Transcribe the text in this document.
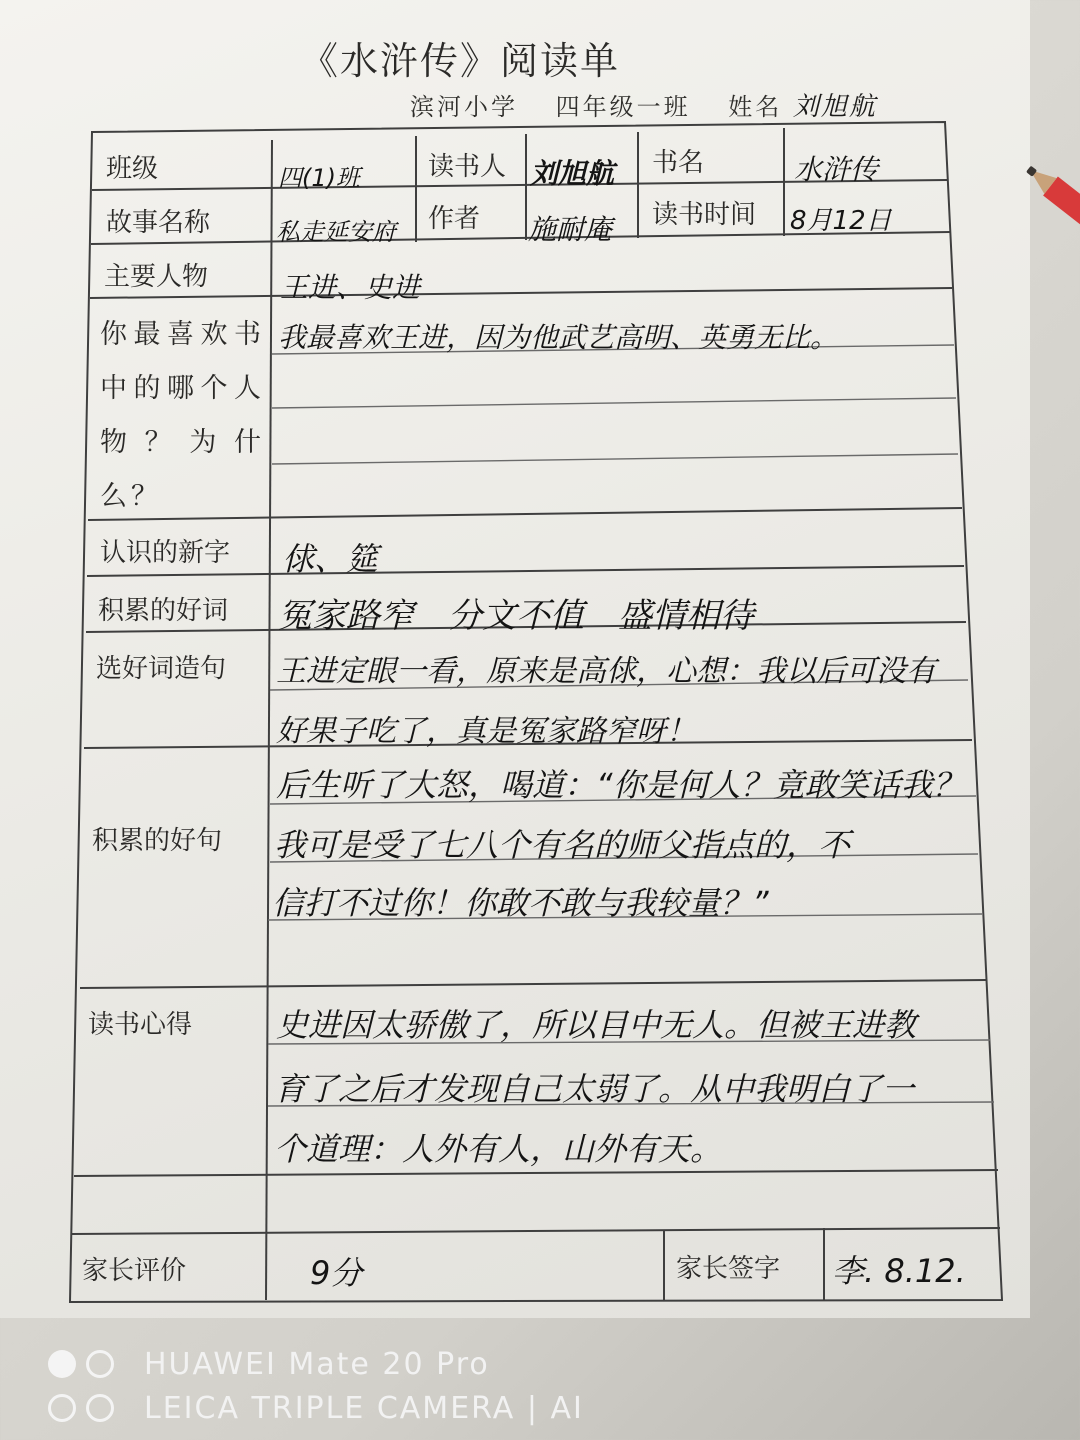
《水浒传》阅读单
滨河小学　 四年级一班　 姓名 刘旭航
班级	四(1)班	读书人 刘旭航 书名	水浒传
故事名称	私走延安府 作者 施耐庵 读书时间 8月12日
主要人物	王进、史进
你最喜欢书中的哪个人物？为什么？
我最喜欢王进，因为他武艺高明、英勇无比。
认识的新字 俅、筵
积累的好词 冤家路窄　分文不值　盛情相待
选好词造句 王进定眼一看，原来是高俅，心想：我以后可没有
好果子吃了，真是冤家路窄呀！
积累的好句
后生听了大怒，喝道：“你是何人？竟敢笑话我？
我可是受了七八个有名的师父指点的，不
信打不过你！你敢不敢与我较量？”
读书心得	史进因太骄傲了，所以目中无人。但被王进教
育了之后才发现自己太弱了。从中我明白了一
个道理：人外有人，山外有天。
家长评价	9分	家长签字 李. 8.12.
HUAWEI Mate 20 Pro
LEICA TRIPLE CAMERA | AI
